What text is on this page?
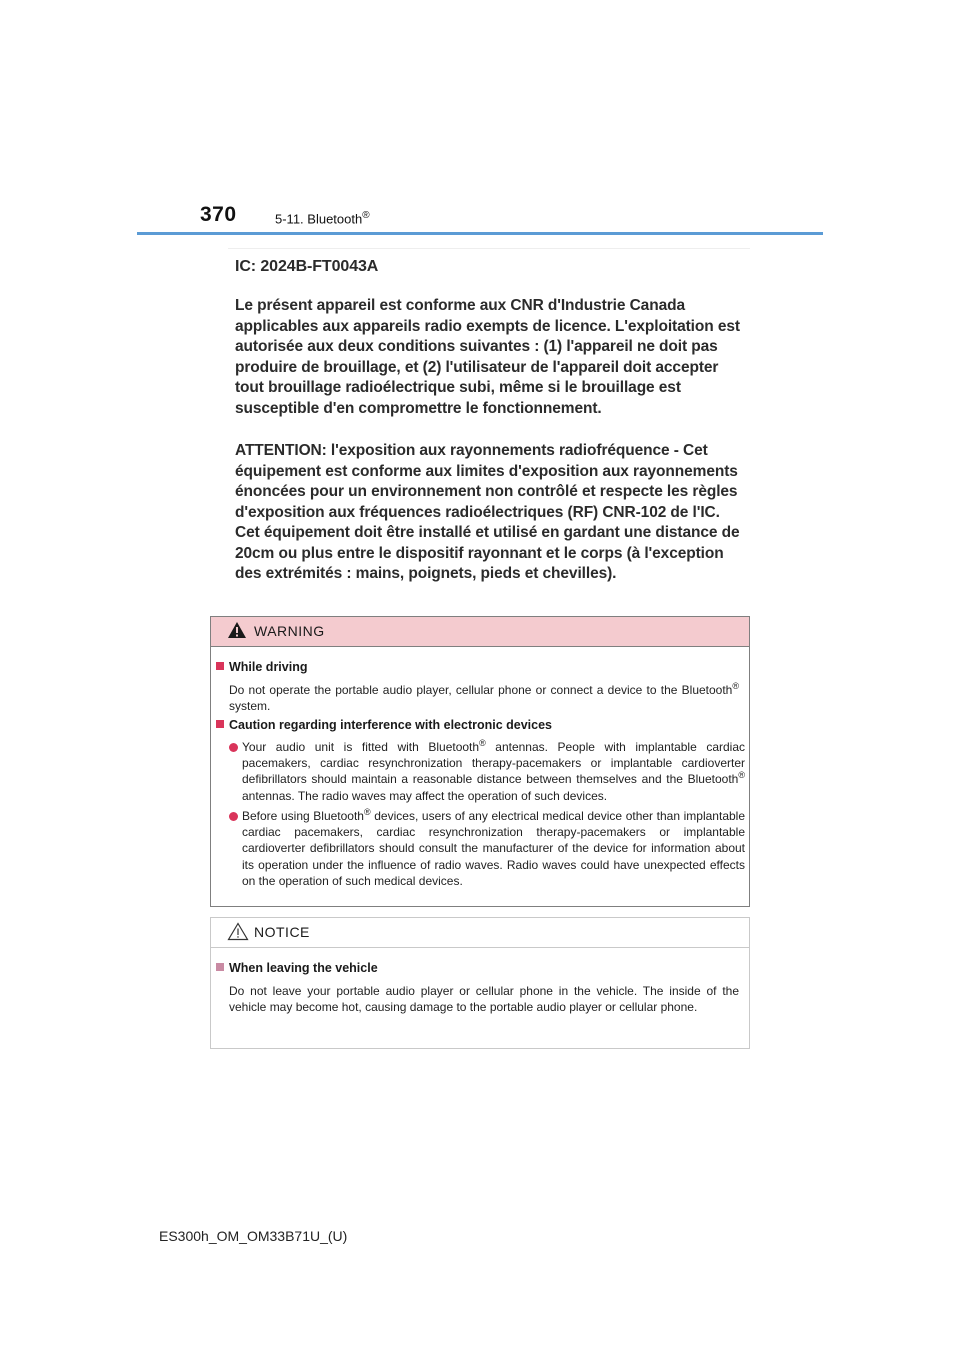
370	5-11. Bluetooth®

IC: 2024B-FT0043A

Le présent appareil est conforme aux CNR d'Industrie Canada applicables aux appareils radio exempts de licence. L'exploitation est autorisée aux deux conditions suivantes : (1) l'appareil ne doit pas produire de brouillage, et (2) l'utilisateur de l'appareil doit accepter tout brouillage radioélectrique subi, même si le brouillage est susceptible d'en compromettre le fonctionnement.

ATTENTION: l'exposition aux rayonnements radiofréquence - Cet équipement est conforme aux limites d'exposition aux rayonnements énoncées pour un environnement non contrôlé et respecte les règles d'exposition aux fréquences radioélectriques (RF) CNR-102 de l'IC. Cet équipement doit être installé et utilisé en gardant une distance de 20cm ou plus entre le dispositif rayonnant et le corps (à l'exception des extrémités : mains, poignets, pieds et chevilles).

WARNING
While driving
Do not operate the portable audio player, cellular phone or connect a device to the Bluetooth® system.
Caution regarding interference with electronic devices
Your audio unit is fitted with Bluetooth® antennas. People with implantable cardiac pacemakers, cardiac resynchronization therapy-pacemakers or implantable cardioverter defibrillators should maintain a reasonable distance between themselves and the Bluetooth® antennas. The radio waves may affect the operation of such devices.
Before using Bluetooth® devices, users of any electrical medical device other than implantable cardiac pacemakers, cardiac resynchronization therapy-pacemakers or implantable cardioverter defibrillators should consult the manufacturer of the device for information about its operation under the influence of radio waves. Radio waves could have unexpected effects on the operation of such medical devices.
NOTICE
When leaving the vehicle
Do not leave your portable audio player or cellular phone in the vehicle. The inside of the vehicle may become hot, causing damage to the portable audio player or cellular phone.
ES300h_OM_OM33B71U_(U)
